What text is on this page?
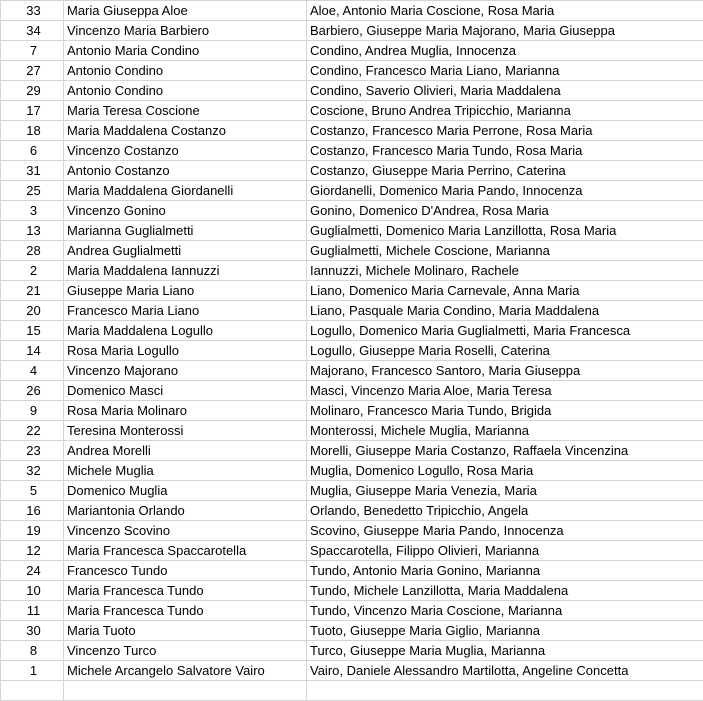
33	Maria Giuseppa Aloe	Aloe, Antonio Maria Coscione, Rosa Maria
34	Vincenzo Maria Barbiero	Barbiero, Giuseppe Maria Majorano, Maria Giuseppa
7	Antonio Maria Condino	Condino, Andrea Muglia, Innocenza
27	Antonio Condino	Condino, Francesco Maria Liano, Marianna
29	Antonio Condino	Condino, Saverio Olivieri, Maria Maddalena
17	Maria Teresa Coscione	Coscione, Bruno Andrea Tripicchio, Marianna
18	Maria Maddalena Costanzo	Costanzo, Francesco Maria Perrone, Rosa Maria
6	Vincenzo Costanzo	Costanzo, Francesco Maria Tundo, Rosa Maria
31	Antonio Costanzo	Costanzo, Giuseppe Maria Perrino, Caterina
25	Maria Maddalena Giordanelli	Giordanelli, Domenico Maria Pando, Innocenza
3	Vincenzo Gonino	Gonino, Domenico D'Andrea, Rosa Maria
13	Marianna Guglialmetti	Guglialmetti, Domenico Maria Lanzillotta, Rosa Maria
28	Andrea Guglialmetti	Guglialmetti, Michele Coscione, Marianna
2	Maria Maddalena Iannuzzi	Iannuzzi, Michele Molinaro, Rachele
21	Giuseppe Maria Liano	Liano, Domenico Maria Carnevale, Anna Maria
20	Francesco Maria Liano	Liano, Pasquale Maria Condino, Maria Maddalena
15	Maria Maddalena Logullo	Logullo, Domenico Maria Guglialmetti, Maria Francesca
14	Rosa Maria Logullo	Logullo, Giuseppe Maria Roselli, Caterina
4	Vincenzo Majorano	Majorano, Francesco Santoro, Maria Giuseppa
26	Domenico Masci	Masci, Vincenzo Maria Aloe, Maria Teresa
9	Rosa Maria Molinaro	Molinaro, Francesco Maria Tundo, Brigida
22	Teresina Monterossi	Monterossi, Michele Muglia, Marianna
23	Andrea Morelli	Morelli, Giuseppe Maria Costanzo, Raffaela Vincenzina
32	Michele Muglia	Muglia, Domenico Logullo, Rosa Maria
5	Domenico Muglia	Muglia, Giuseppe Maria Venezia, Maria
16	Mariantonia Orlando	Orlando, Benedetto Tripicchio, Angela
19	Vincenzo Scovino	Scovino, Giuseppe Maria Pando, Innocenza
12	Maria Francesca Spaccarotella	Spaccarotella, Filippo Olivieri, Marianna
24	Francesco Tundo	Tundo, Antonio Maria Gonino, Marianna
10	Maria Francesca Tundo	Tundo, Michele Lanzillotta, Maria Maddalena
11	Maria Francesca Tundo	Tundo, Vincenzo Maria Coscione, Marianna
30	Maria Tuoto	Tuoto, Giuseppe Maria Giglio, Marianna
8	Vincenzo Turco	Turco, Giuseppe Maria Muglia, Marianna
1	Michele Arcangelo Salvatore Vairo	Vairo, Daniele Alessandro Martilotta, Angeline Concetta
